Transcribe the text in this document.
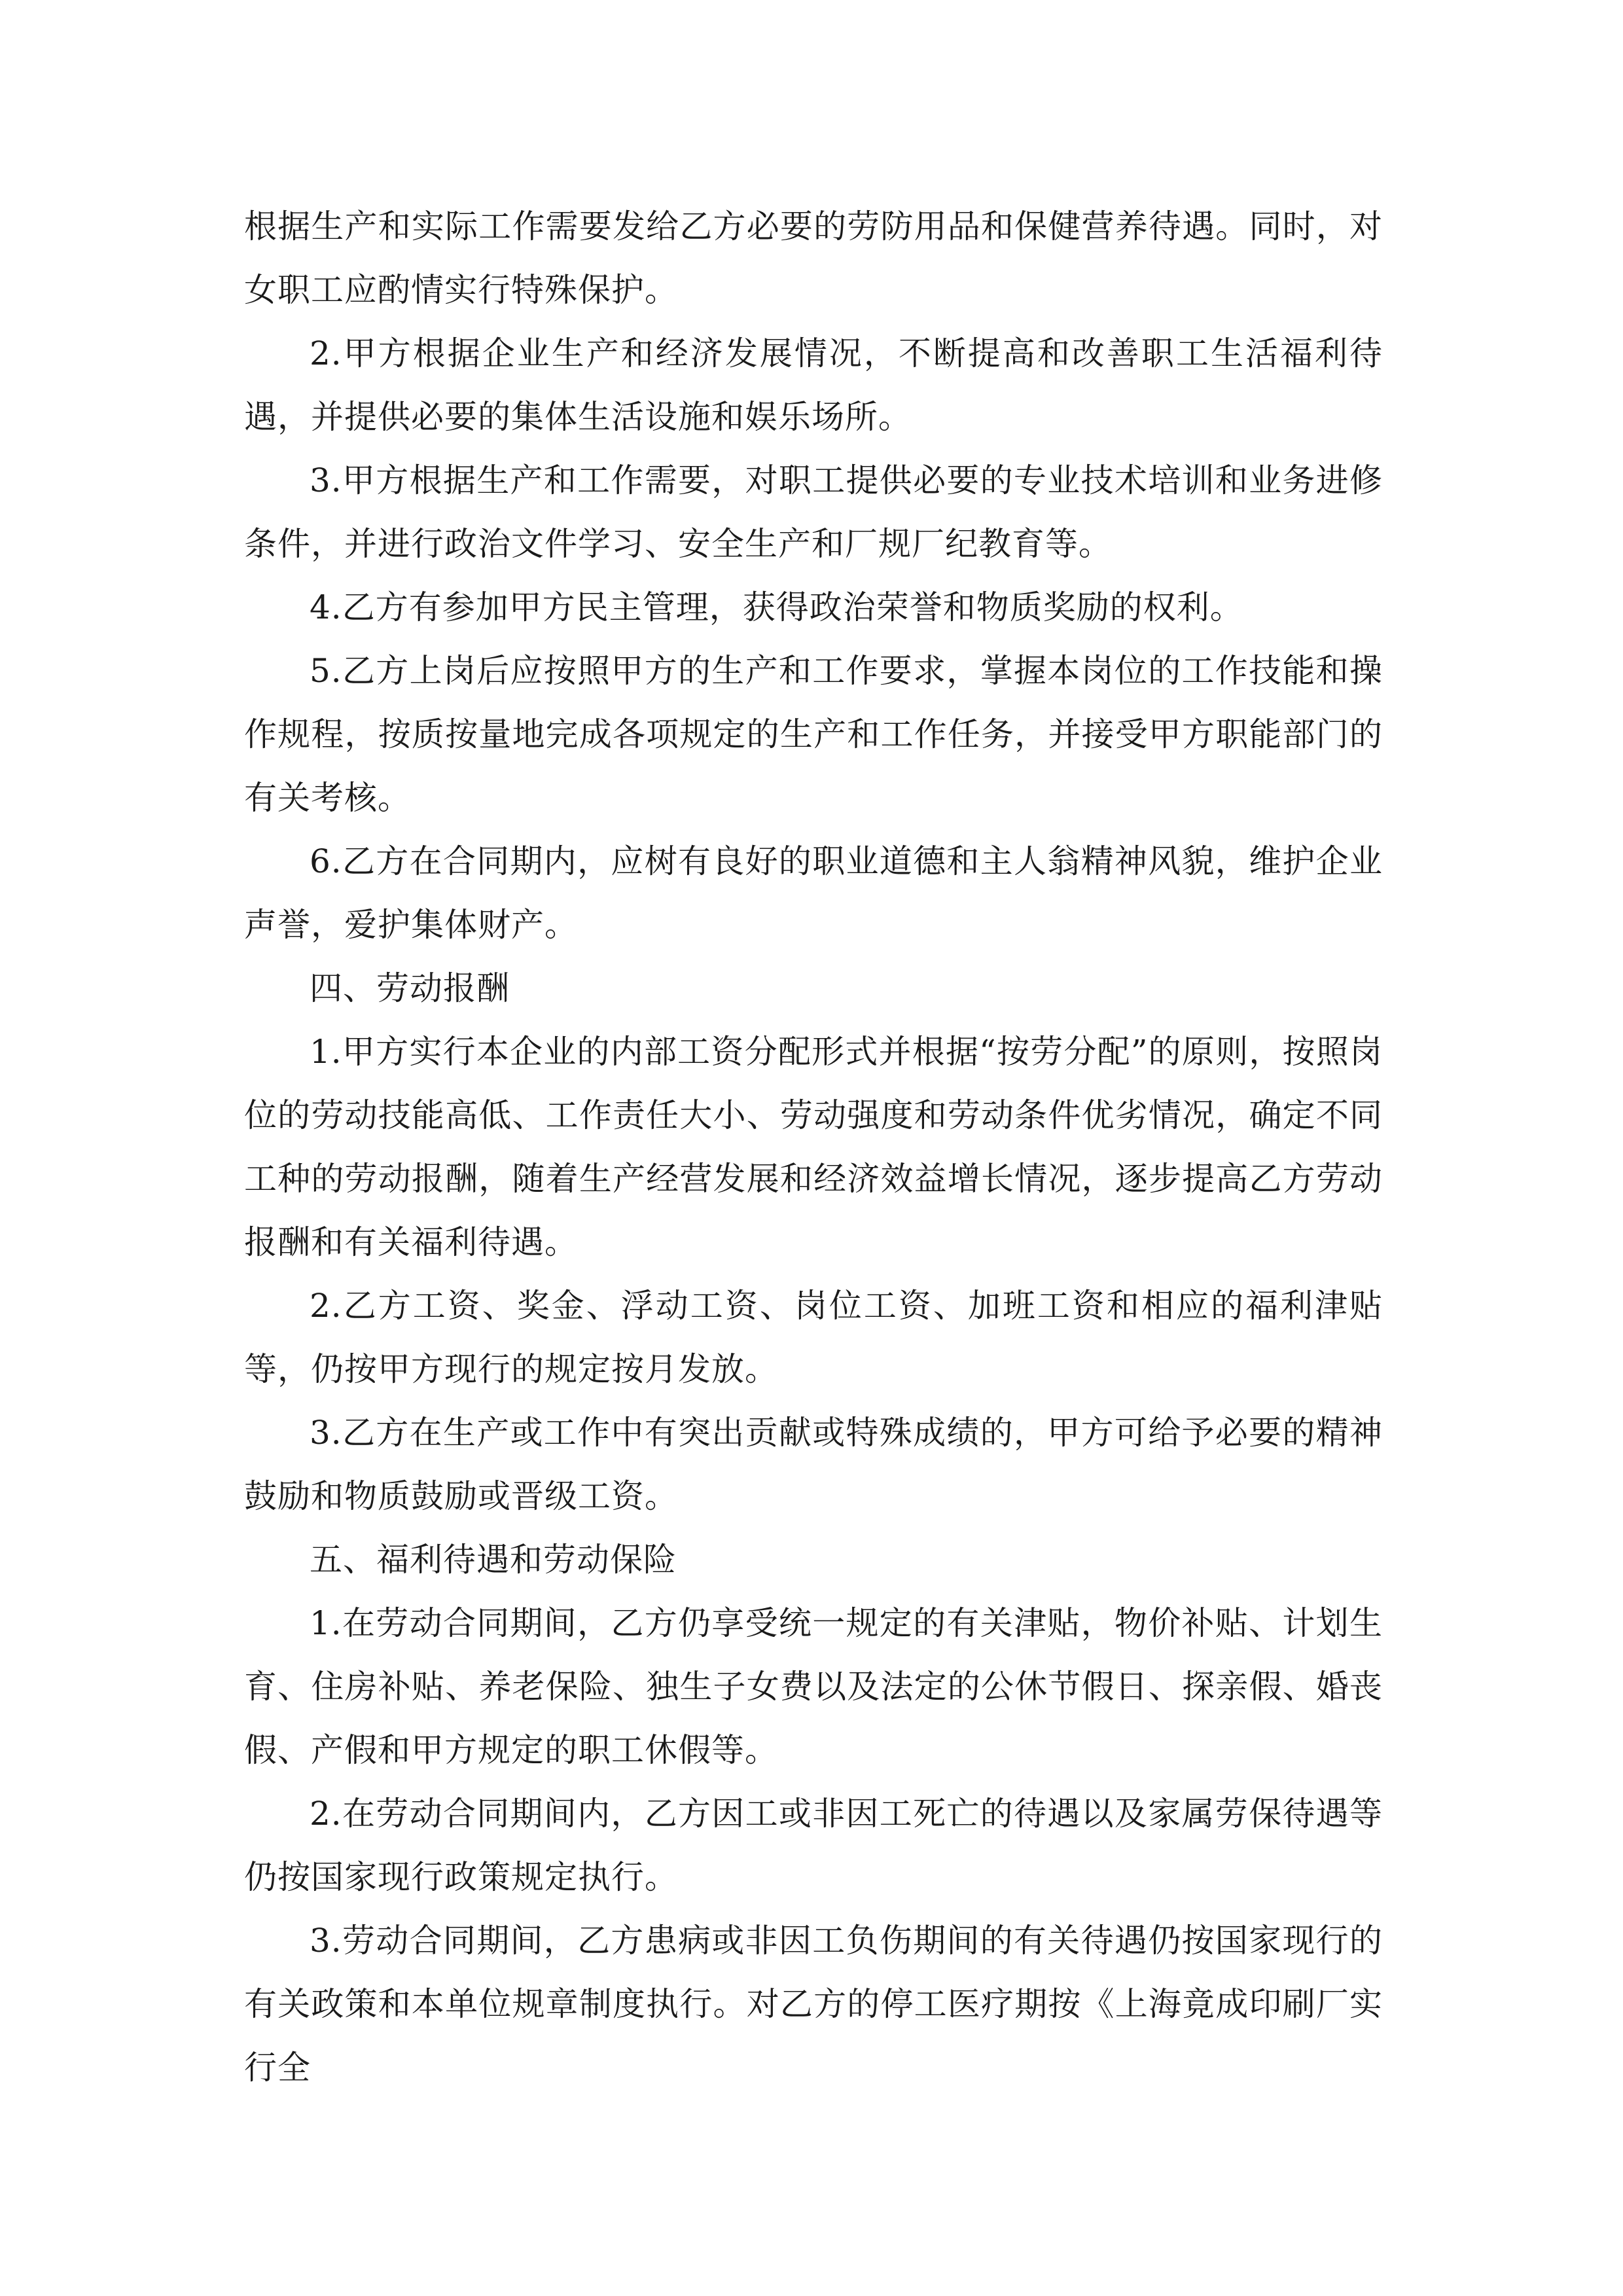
根据生产和实际工作需要发给乙方必要的劳防用品和保健营养待遇。同时，对女职工应酌情实行特殊保护。

2.甲方根据企业生产和经济发展情况，不断提高和改善职工生活福利待遇，并提供必要的集体生活设施和娱乐场所。

3.甲方根据生产和工作需要，对职工提供必要的专业技术培训和业务进修条件，并进行政治文件学习、安全生产和厂规厂纪教育等。

4.乙方有参加甲方民主管理，获得政治荣誉和物质奖励的权利。

5.乙方上岗后应按照甲方的生产和工作要求，掌握本岗位的工作技能和操作规程，按质按量地完成各项规定的生产和工作任务，并接受甲方职能部门的有关考核。

6.乙方在合同期内，应树有良好的职业道德和主人翁精神风貌，维护企业声誉，爱护集体财产。

四、劳动报酬

1.甲方实行本企业的内部工资分配形式并根据“按劳分配”的原则，按照岗位的劳动技能高低、工作责任大小、劳动强度和劳动条件优劣情况，确定不同工种的劳动报酬，随着生产经营发展和经济效益增长情况，逐步提高乙方劳动报酬和有关福利待遇。

2.乙方工资、奖金、浮动工资、岗位工资、加班工资和相应的福利津贴等，仍按甲方现行的规定按月发放。

3.乙方在生产或工作中有突出贡献或特殊成绩的，甲方可给予必要的精神鼓励和物质鼓励或晋级工资。

五、福利待遇和劳动保险

1.在劳动合同期间，乙方仍享受统一规定的有关津贴，物价补贴、计划生育、住房补贴、养老保险、独生子女费以及法定的公休节假日、探亲假、婚丧假、产假和甲方规定的职工休假等。

2.在劳动合同期间内，乙方因工或非因工死亡的待遇以及家属劳保待遇等仍按国家现行政策规定执行。

3.劳动合同期间，乙方患病或非因工负伤期间的有关待遇仍按国家现行的有关政策和本单位规章制度执行。对乙方的停工医疗期按《上海竟成印刷厂实行全
